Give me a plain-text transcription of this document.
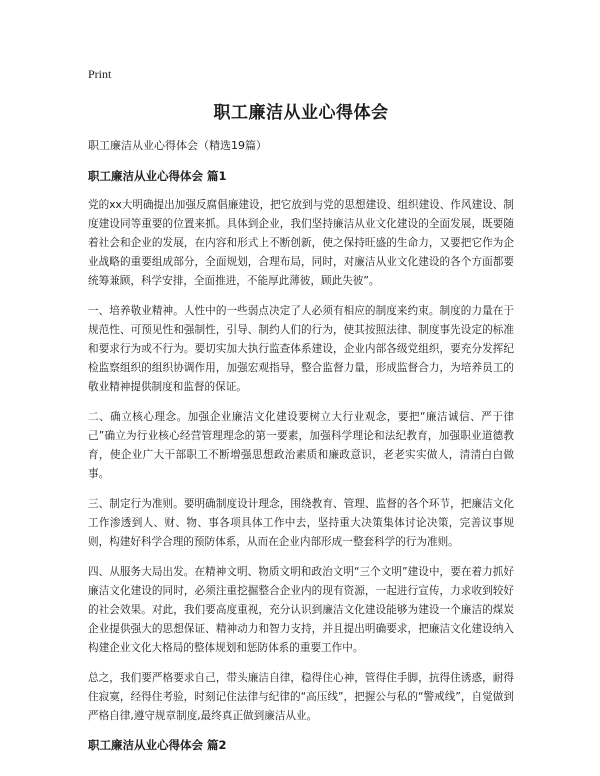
Print
职工廉洁从业心得体会
职工廉洁从业心得体会（精选19篇）
职工廉洁从业心得体会 篇1

党的xx大明确提出加强反腐倡廉建设，把它放到与党的思想建设、组织建设、作风建设、制度建设同等重要的位置来抓。具体到企业，我们坚持廉洁从业文化建设的全面发展，既要随着社会和企业的发展，在内容和形式上不断创新，使之保持旺盛的生命力，又要把它作为企业战略的重要组成部分，全面规划，合理布局，同时，对廉洁从业文化建设的各个方面都要统筹兼顾，科学安排，全面推进，不能厚此薄彼，顾此失彼”。

一、培养敬业精神。人性中的一些弱点决定了人必须有相应的制度来约束。制度的力量在于规范性、可预见性和强制性，引导、制约人们的行为，使其按照法律、制度事先设定的标准和要求行为或不行为。要切实加大执行监查体系建设，企业内部各级党组织，要充分发挥纪检监察组织的组织协调作用，加强宏观指导，整合监督力量，形成监督合力，为培养员工的敬业精神提供制度和监督的保证。

二、确立核心理念。加强企业廉洁文化建设要树立大行业观念，要把“廉洁诚信、严于律己”确立为行业核心经营管理理念的第一要素，加强科学理论和法纪教育，加强职业道德教育，使企业广大干部职工不断增强思想政治素质和廉政意识，老老实实做人，清清白白做事。

三、制定行为准则。要明确制度设计理念，围绕教育、管理、监督的各个环节，把廉洁文化工作渗透到人、财、物、事各项具体工作中去，坚持重大决策集体讨论决策，完善议事规则，构建好科学合理的预防体系，从而在企业内部形成一整套科学的行为准则。

四、从服务大局出发。在精神文明、物质文明和政治文明“三个文明”建设中，要在着力抓好廉洁文化建设的同时，必须注重挖掘整合企业内的现有资源，一起进行宣传，力求收到较好的社会效果。对此，我们要高度重视，充分认识到廉洁文化建设能够为建设一个廉洁的煤炭企业提供强大的思想保证、精神动力和智力支持，并且提出明确要求，把廉洁文化建设纳入构建企业文化大格局的整体规划和惩防体系的重要工作中。

总之，我们要严格要求自己，带头廉洁自律，稳得住心神，管得住手脚，抗得住诱惑，耐得住寂寞，经得住考验，时刻记住法律与纪律的“高压线”，把握公与私的“警戒线”，自觉做到严格自律,遵守规章制度,最终真正做到廉洁从业。

职工廉洁从业心得体会 篇2
